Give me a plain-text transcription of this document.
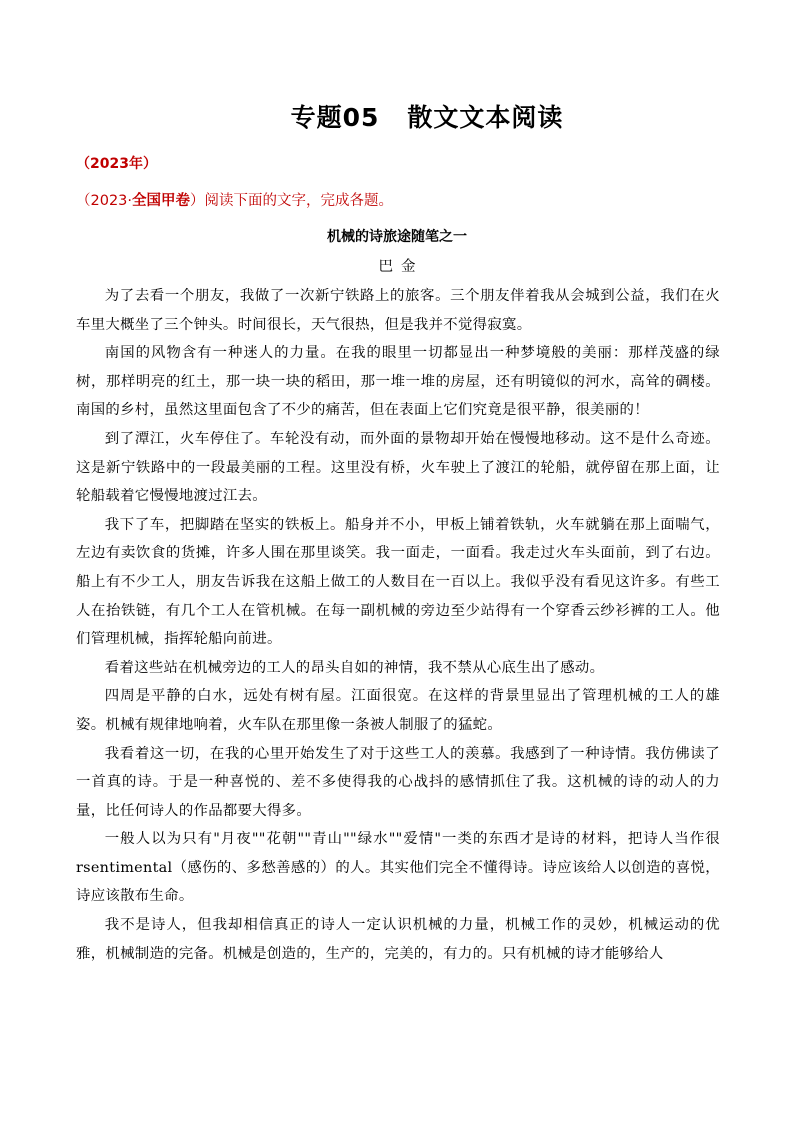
专题05 散文文本阅读
（2023年）
（2023·全国甲卷）阅读下面的文字，完成各题。
机械的诗旅途随笔之一
巴金

为了去看一个朋友，我做了一次新宁铁路上的旅客。三个朋友伴着我从会城到公益，我们在火车里大概坐了三个钟头。时间很长，天气很热，但是我并不觉得寂寞。

南国的风物含有一种迷人的力量。在我的眼里一切都显出一种梦境般的美丽：那样茂盛的绿树，那样明亮的红土，那一块一块的稻田，那一堆一堆的房屋，还有明镜似的河水，高耸的碉楼。南国的乡村，虽然这里面包含了不少的痛苦，但在表面上它们究竟是很平静，很美丽的！

到了潭江，火车停住了。车轮没有动，而外面的景物却开始在慢慢地移动。这不是什么奇迹。这是新宁铁路中的一段最美丽的工程。这里没有桥，火车驶上了渡江的轮船，就停留在那上面，让轮船载着它慢慢地渡过江去。

我下了车，把脚踏在坚实的铁板上。船身并不小，甲板上铺着铁轨，火车就躺在那上面喘气，左边有卖饮食的货摊，许多人围在那里谈笑。我一面走，一面看。我走过火车头面前，到了右边。船上有不少工人，朋友告诉我在这船上做工的人数目在一百以上。我似乎没有看见这许多。有些工人在抬铁链，有几个工人在管机械。在每一副机械的旁边至少站得有一个穿香云纱衫裤的工人。他们管理机械，指挥轮船向前进。

看着这些站在机械旁边的工人的昂头自如的神情，我不禁从心底生出了感动。

四周是平静的白水，远处有树有屋。江面很宽。在这样的背景里显出了管理机械的工人的雄姿。机械有规律地响着，火车队在那里像一条被人制服了的猛蛇。

我看着这一切，在我的心里开始发生了对于这些工人的羡慕。我感到了一种诗情。我仿佛读了一首真的诗。于是一种喜悦的、差不多使得我的心战抖的感情抓住了我。这机械的诗的动人的力量，比任何诗人的作品都要大得多。

一般人以为只有"月夜""花朝""青山""绿水""爱情"一类的东西才是诗的材料，把诗人当作很rsentimental（感伤的、多愁善感的）的人。其实他们完全不懂得诗。诗应该给人以创造的喜悦，诗应该散布生命。

我不是诗人，但我却相信真正的诗人一定认识机械的力量，机械工作的灵妙，机械运动的优雅，机械制造的完备。机械是创造的，生产的，完美的，有力的。只有机械的诗才能够给人
